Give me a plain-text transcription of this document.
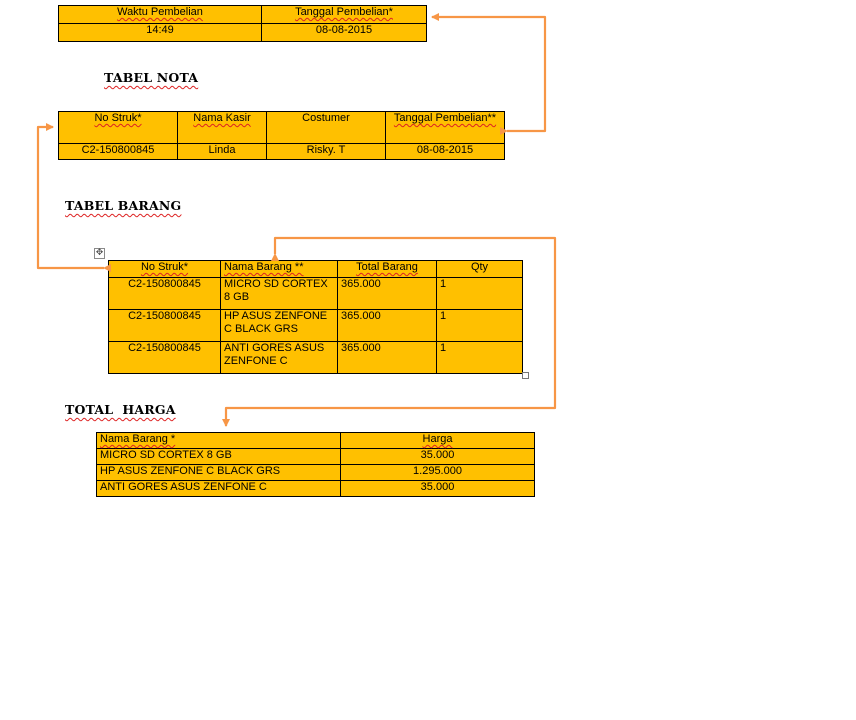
Waktu Pembelian	Tanggal Pembelian*
14:49	08-08-2015
TABEL NOTA
No Struk*	Nama Kasir	Costumer	Tanggal Pembelian**
C2-150800845	Linda	Risky. T	08-08-2015
TABEL BARANG
✥
No Struk*	Nama Barang **	Total Barang	Qty
C2-150800845	MICRO SD CORTEX 8 GB	365.000	1
C2-150800845	HP ASUS ZENFONE C BLACK GRS	365.000	1
C2-150800845	ANTI GORES ASUS ZENFONE C	365.000	1
TOTAL  HARGA
Nama Barang *	Harga
MICRO SD CORTEX 8 GB	35.000
HP ASUS ZENFONE C BLACK GRS	1.295.000
ANTI GORES ASUS ZENFONE C	35.000
